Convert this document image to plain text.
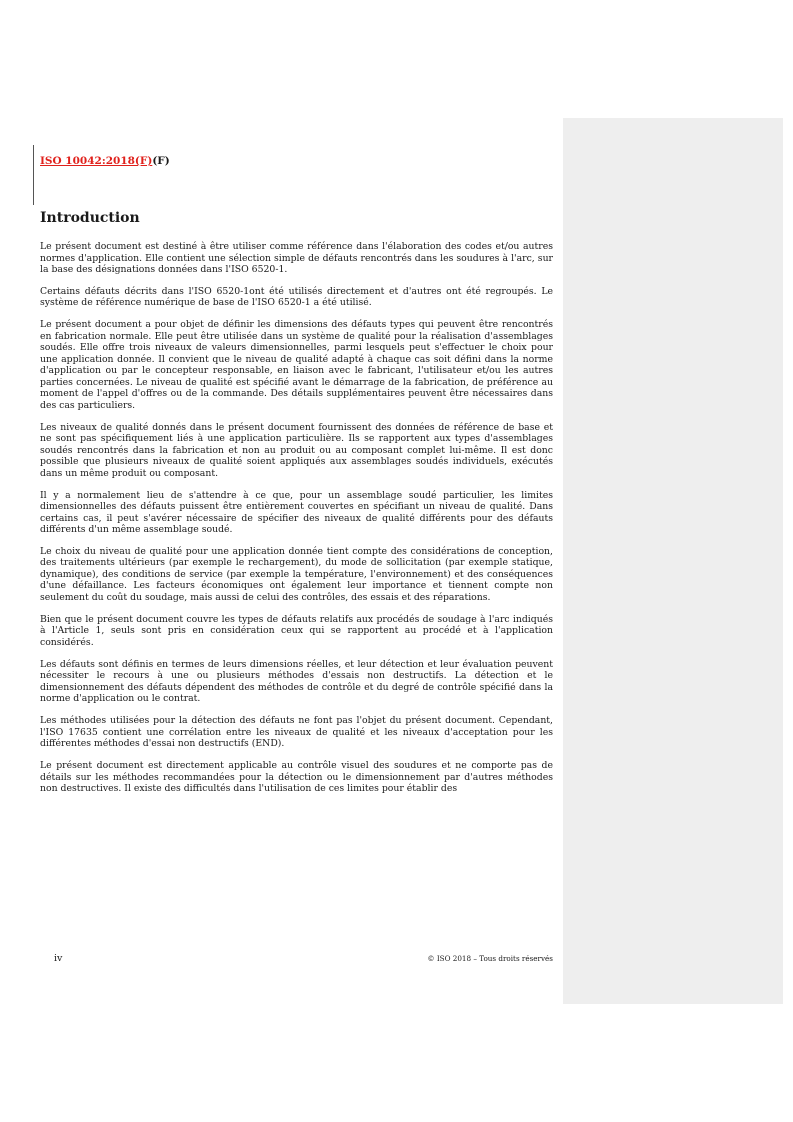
ISO 10042:2018(F)(F)
Introduction

Le présent document est destiné à être utiliser comme référence dans l'élaboration des codes et/ou autres normes d'application. Elle contient une sélection simple de défauts rencontrés dans les soudures à l'arc, sur la base des désignations données dans l'ISO 6520-1.

Certains défauts décrits dans l'ISO 6520-1ont été utilisés directement et d'autres ont été regroupés. Le système de référence numérique de base de l'ISO 6520-1 a été utilisé.

Le présent document a pour objet de définir les dimensions des défauts types qui peuvent être rencontrés en fabrication normale. Elle peut être utilisée dans un système de qualité pour la réalisation d'assemblages soudés. Elle offre trois niveaux de valeurs dimensionnelles, parmi lesquels peut s'effectuer le choix pour une application donnée. Il convient que le niveau de qualité adapté à chaque cas soit défini dans la norme d'application ou par le concepteur responsable, en liaison avec le fabricant, l'utilisateur et/ou les autres parties concernées. Le niveau de qualité est spécifié avant le démarrage de la fabrication, de préférence au moment de l'appel d'offres ou de la commande. Des détails supplémentaires peuvent être nécessaires dans des cas particuliers.

Les niveaux de qualité donnés dans le présent document fournissent des données de référence de base et ne sont pas spécifiquement liés à une application particulière. Ils se rapportent aux types d'assemblages soudés rencontrés dans la fabrication et non au produit ou au composant complet lui-même. Il est donc possible que plusieurs niveaux de qualité soient appliqués aux assemblages soudés individuels, exécutés dans un même produit ou composant.

Il y a normalement lieu de s'attendre à ce que, pour un assemblage soudé particulier, les limites dimensionnelles des défauts puissent être entièrement couvertes en spécifiant un niveau de qualité. Dans certains cas, il peut s'avérer nécessaire de spécifier des niveaux de qualité différents pour des défauts différents d'un même assemblage soudé.

Le choix du niveau de qualité pour une application donnée tient compte des considérations de conception, des traitements ultérieurs (par exemple le rechargement), du mode de sollicitation (par exemple statique, dynamique), des conditions de service (par exemple la température, l'environnement) et des conséquences d'une défaillance. Les facteurs économiques ont également leur importance et tiennent compte non seulement du coût du soudage, mais aussi de celui des contrôles, des essais et des réparations.

Bien que le présent document couvre les types de défauts relatifs aux procédés de soudage à l'arc indiqués à l'Article 1, seuls sont pris en considération ceux qui se rapportent au procédé et à l'application considérés.

Les défauts sont définis en termes de leurs dimensions réelles, et leur détection et leur évaluation peuvent nécessiter le recours à une ou plusieurs méthodes d'essais non destructifs. La détection et le dimensionnement des défauts dépendent des méthodes de contrôle et du degré de contrôle spécifié dans la norme d'application ou le contrat.

Les méthodes utilisées pour la détection des défauts ne font pas l'objet du présent document. Cependant, l'ISO 17635 contient une corrélation entre les niveaux de qualité et les niveaux d'acceptation pour les différentes méthodes d'essai non destructifs (END).

Le présent document est directement applicable au contrôle visuel des soudures et ne comporte pas de détails sur les méthodes recommandées pour la détection ou le dimensionnement par d'autres méthodes non destructives. Il existe des difficultés dans l'utilisation de ces limites pour établir des

iv	© ISO 2018 – Tous droits réservés
